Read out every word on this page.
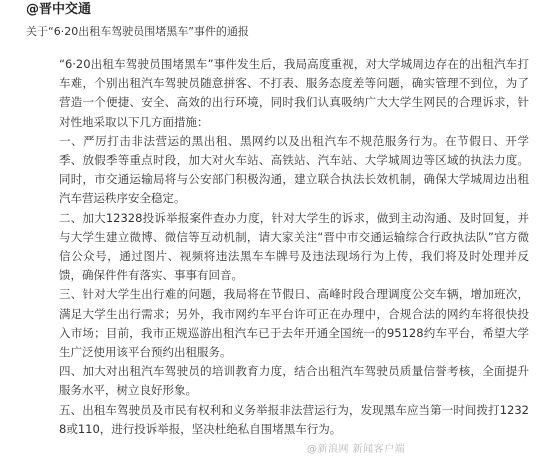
@晋中交通
关于“6·20出租车驾驶员围堵黑车”事件的通报

“6·20出租车驾驶员围堵黑车”事件发生后，我局高度重视，对大学城周边存在的出租汽车打车难，个别出租汽车驾驶员随意拼客、不打表、服务态度差等问题，确实管理不到位，为了营造一个便捷、安全、高效的出行环境，同时我们认真吸纳广大大学生网民的合理诉求，针对性地采取以下几方面措施：

一、严厉打击非法营运的黑出租、黑网约以及出租汽车不规范服务行为。在节假日、开学季、放假季等重点时段，加大对火车站、高铁站、汽车站、大学城周边等区域的执法力度。同时，市交通运输局将与公安部门积极沟通，建立联合执法长效机制，确保大学城周边出租汽车营运秩序安全稳定。

二、加大12328投诉举报案件查办力度，针对大学生的诉求，做到主动沟通、及时回复，并与大学生建立微博、微信等互动机制，请大家关注“晋中市交通运输综合行政执法队”官方微信公众号，通过图片、视频将违法黑车车牌号及违法现场行为上传，我们将及时处理并反馈，确保件件有落实、事事有回音。

三、针对大学生出行难的问题，我局将在节假日、高峰时段合理调度公交车辆，增加班次，满足大学生出行需求；另外，我市网约车平台许可正在办理中，合规合法的网约车将很快投入市场；目前，我市正规巡游出租汽车已于去年开通全国统一的95128约车平台，希望大学生广泛使用该平台预约出租服务。

四、加大对出租汽车驾驶员的培训教育力度，结合出租汽车驾驶员质量信誉考核，全面提升服务水平，树立良好形象。

五、出租车驾驶员及市民有权利和义务举报非法营运行为，发现黑车应当第一时间拨打12328或110，进行投诉举报，坚决杜绝私自围堵黑车行为。

@新浪网 新闻客户端
